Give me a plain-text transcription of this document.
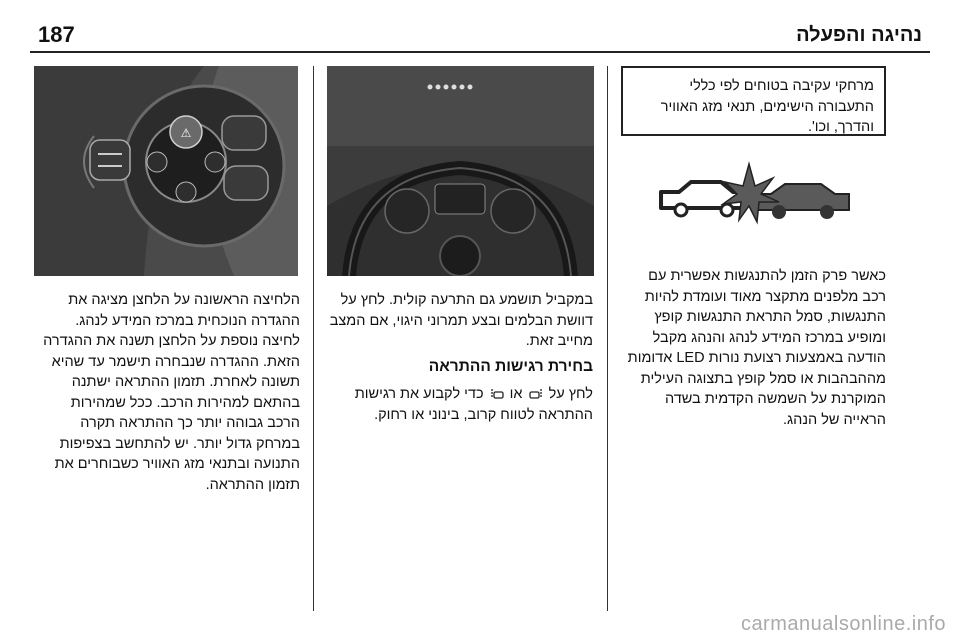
187	נהיגה והפעלה
⚠
הלחיצה הראשונה על הלחצן מציגה את ההגדרה הנוכחית במרכז המידע לנהג. לחיצה נוספת על הלחצן תשנה את ההגדרה הזאת. ההגדרה שנבחרה תישמר עד שהיא תשונה לאחרת. תזמון ההתראה ישתנה בהתאם למהירות הרכב. ככל שמהירות הרכב גבוהה יותר כך ההתראה תקרה במרחק גדול יותר. יש להתחשב בצפיפות התנועה ובתנאי מזג האוויר כשבוחרים את תזמון ההתראה.
במקביל תושמע גם התרעה קולית. לחץ על דוושת הבלמים ובצע תמרוני היגוי, אם המצב מחייב זאת.
בחירת רגישות ההתראה
לחץ על  או  כדי לקבוע את רגישות ההתראה לטווח קרוב, בינוני או רחוק.
מרחקי עקיבה בטוחים לפי כללי התעבורה הישימים, תנאי מזג האוויר והדרך, וכו'.
כאשר פרק הזמן להתנגשות אפשרית עם רכב מלפנים מתקצר מאוד ועומדת להיות התנגשות, סמל התראת התנגשות קופץ ומופיע במרכז המידע לנהג והנהג מקבל הודעה באמצעות רצועת נורות LED אדומות מההבהבות או סמל קופץ בתצוגה העילית המוקרנת על השמשה הקדמית בשדה הראייה של הנהג.
carmanualsonline.info
